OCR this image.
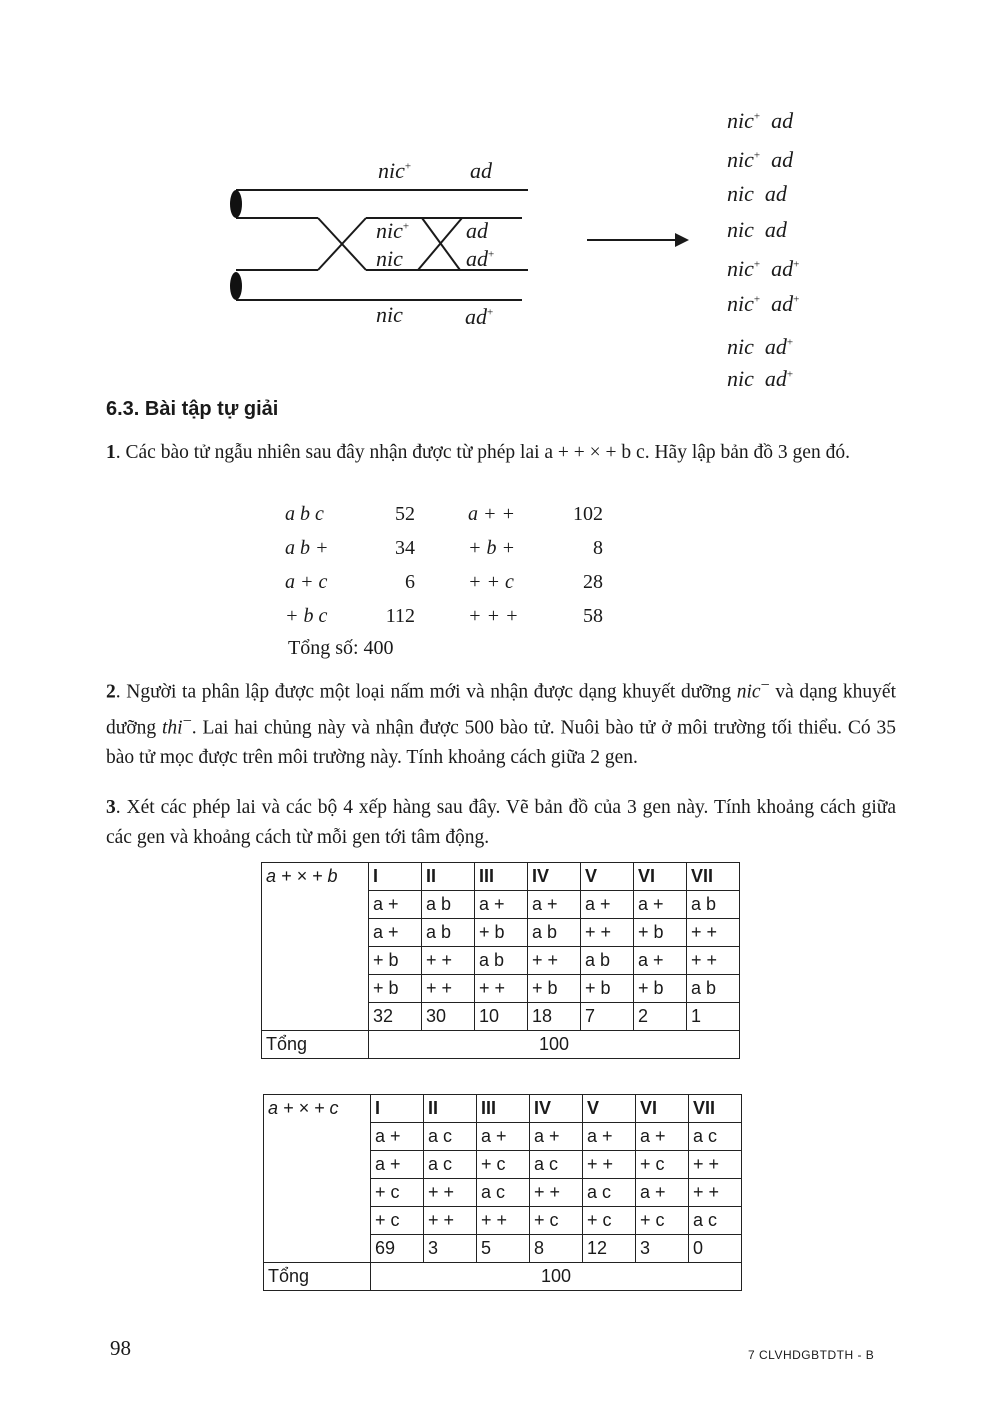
nic+	ad
nic+	ad
nic	ad+
nic	ad+
nic+ ad
nic+ ad
nic ad
nic ad
nic+ ad+
nic+ ad+
nic ad+
nic ad+
6.3. Bài tập tự giải
1. Các bào tử ngẫu nhiên sau đây nhận được từ phép lai a + + × + b c. Hãy lập bản đồ 3 gen đó.
a b c	52	a + +	102
a b +	34	+ b +	8
a + c	6	+ + c	28
+ b c	112	+ + +	58
Tổng số: 400
2. Người ta phân lập được một loại nấm mới và nhận được dạng khuyết dưỡng nic− và dạng khuyết dưỡng thi−. Lai hai chủng này và nhận được 500 bào tử. Nuôi bào tử ở môi trường tối thiểu. Có 35 bào tử mọc được trên môi trường này. Tính khoảng cách giữa 2 gen.
3. Xét các phép lai và các bộ 4 xếp hàng sau đây. Vẽ bản đồ của 3 gen này. Tính khoảng cách giữa các gen và khoảng cách từ mỗi gen tới tâm động.
a + × + b	I	II	III	IV	V	VI	VII
	a +	a b	a +	a +	a +	a +	a b
	a +	a b	+ b	a b	+ +	+ b	+ +
	+ b	+ +	a b	+ +	a b	a +	+ +
	+ b	+ +	+ +	+ b	+ b	+ b	a b
	32	30	10	18	7	2	1
Tổng	100						
a + × + c	I	II	III	IV	V	VI	VII
	a +	a c	a +	a +	a +	a +	a c
	a +	a c	+ c	a c	+ +	+ c	+ +
	+ c	+ +	a c	+ +	a c	a +	+ +
	+ c	+ +	+ +	+ c	+ c	+ c	a c
	69	3	5	8	12	3	0
Tổng	100						
98	7 CLVHDGBTDTH - B
